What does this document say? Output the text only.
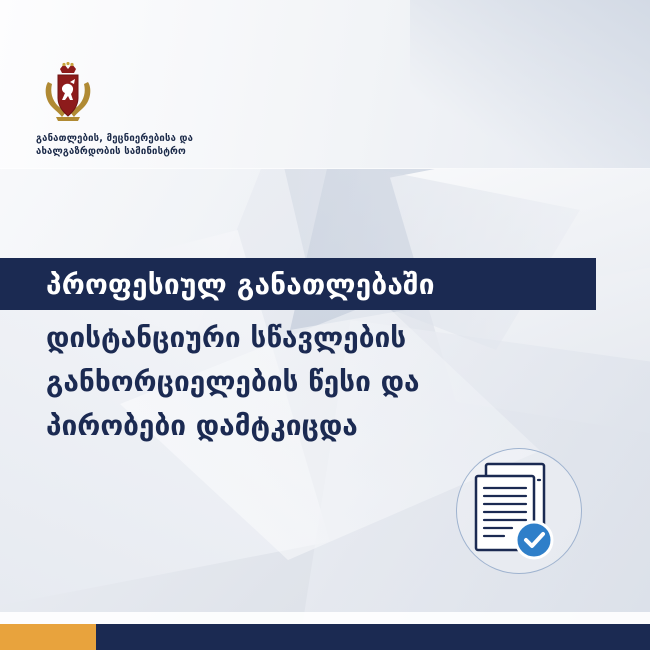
განათლების, მეცნიერებისა და
ახალგაზრდობის სამინისტრო
პროფესიულ განათლებაში
დისტანციური სწავლების
განხორციელების წესი და
პირობები დამტკიცდა
